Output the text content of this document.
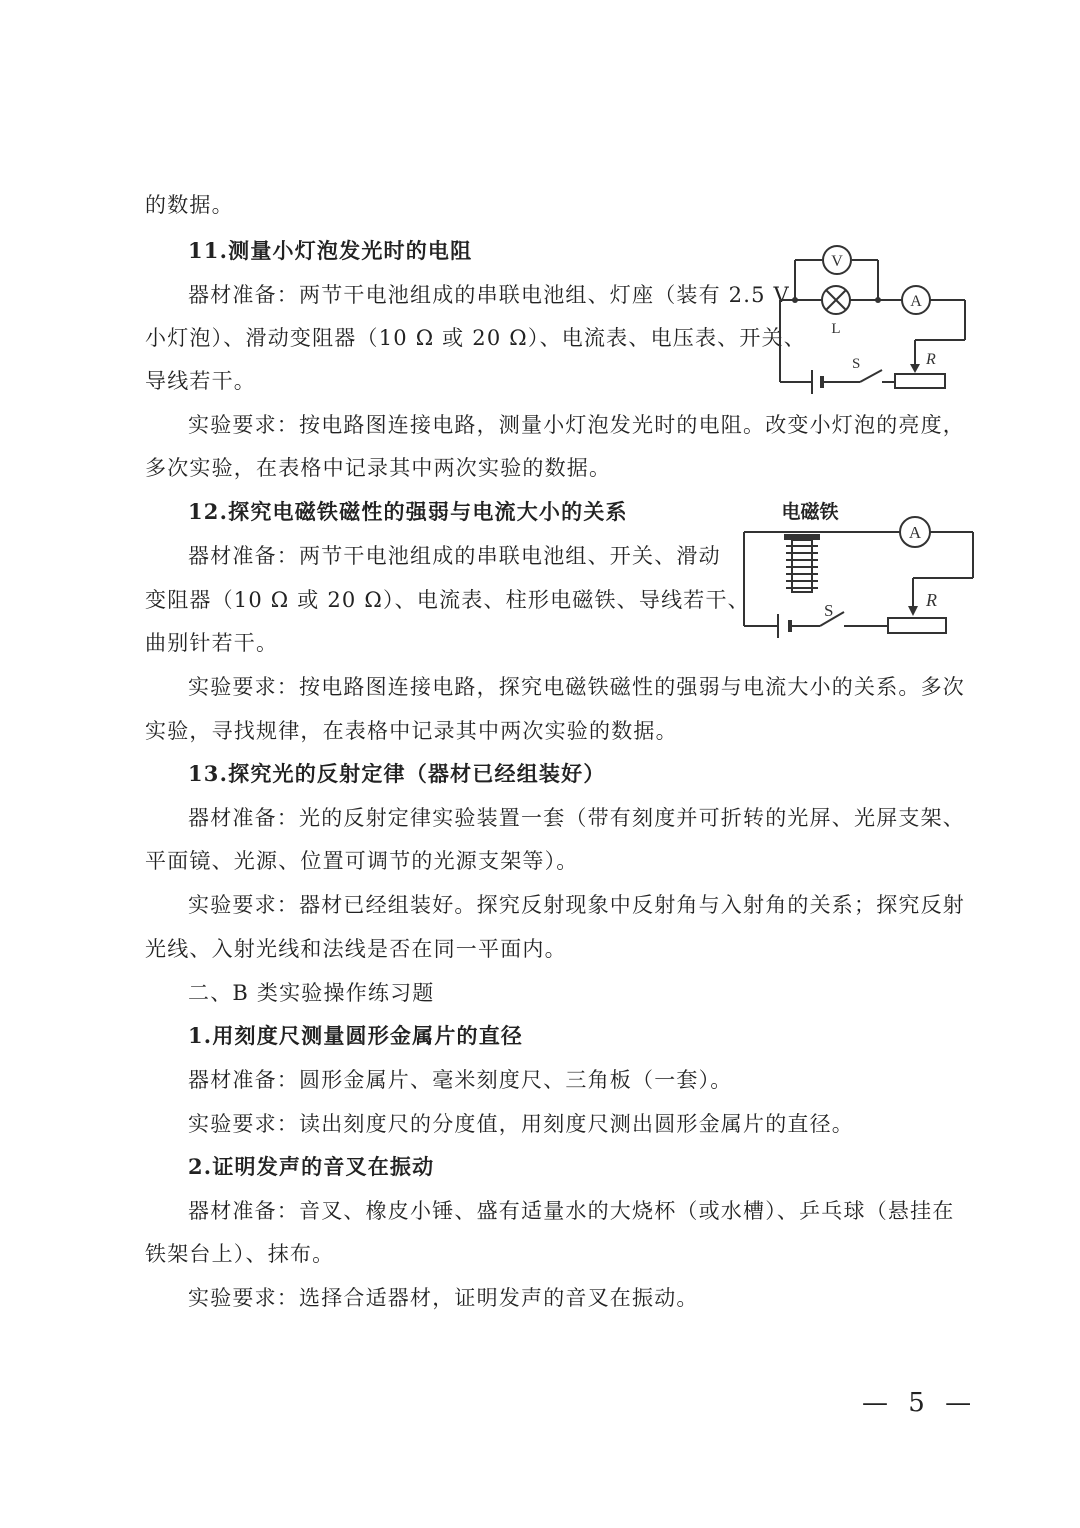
的数据。
11.测量小灯泡发光时的电阻
器材准备：两节干电池组成的串联电池组、灯座（装有 2.5 V
小灯泡）、滑动变阻器（10 Ω 或 20 Ω）、电流表、电压表、开关、
导线若干。
实验要求：按电路图连接电路，测量小灯泡发光时的电阻。改变小灯泡的亮度，
多次实验，在表格中记录其中两次实验的数据。
12.探究电磁铁磁性的强弱与电流大小的关系
器材准备：两节干电池组成的串联电池组、开关、滑动
变阻器（10 Ω 或 20 Ω）、电流表、柱形电磁铁、导线若干、
曲别针若干。
实验要求：按电路图连接电路，探究电磁铁磁性的强弱与电流大小的关系。多次
实验，寻找规律，在表格中记录其中两次实验的数据。
13.探究光的反射定律（器材已经组装好）
器材准备：光的反射定律实验装置一套（带有刻度并可折转的光屏、光屏支架、
平面镜、光源、位置可调节的光源支架等）。
实验要求：器材已经组装好。探究反射现象中反射角与入射角的关系；探究反射
光线、入射光线和法线是否在同一平面内。
二、B 类实验操作练习题
1.用刻度尺测量圆形金属片的直径
器材准备：圆形金属片、毫米刻度尺、三角板（一套）。
实验要求：读出刻度尺的分度值，用刻度尺测出圆形金属片的直径。
2.证明发声的音叉在振动
器材准备：音叉、橡皮小锤、盛有适量水的大烧杯（或水槽）、乒乓球（悬挂在
铁架台上）、抹布。
实验要求：选择合适器材，证明发声的音叉在振动。
V
L
A
S	R
电磁铁
A
S
R
— 5 —
